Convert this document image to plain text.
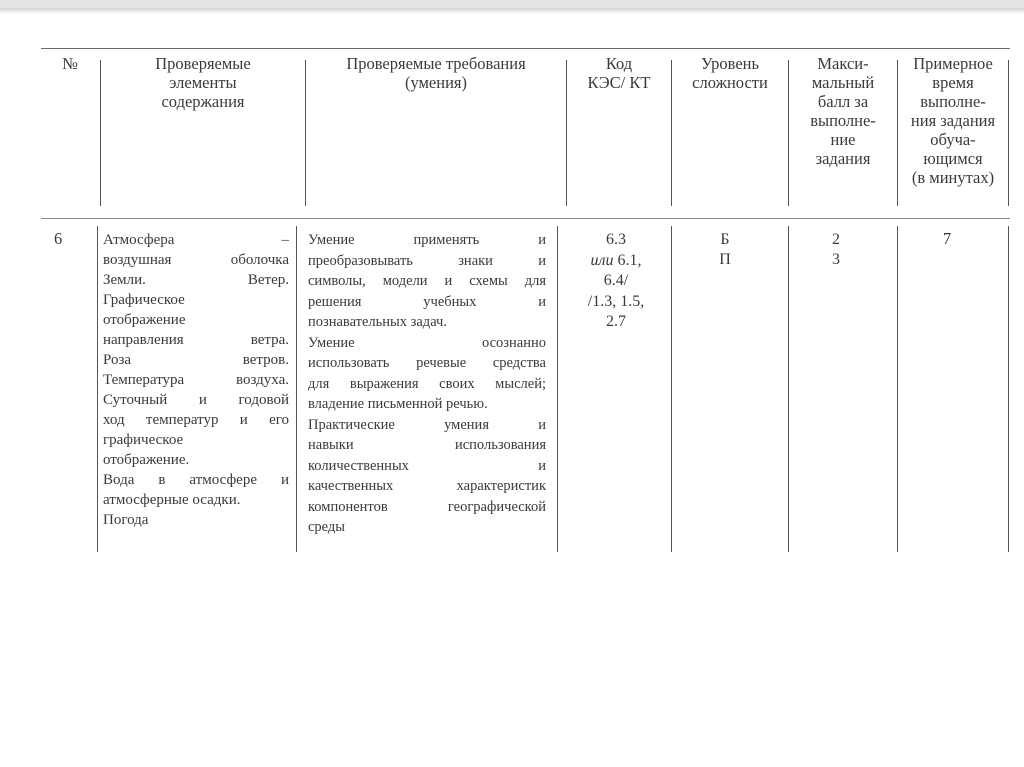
№	Проверяемые
элементы
содержания
Проверяемые требования
(умения)
Код
КЭС/ КТ
Уровень
сложности
Макси-
мальный
балл за
выполне-
ние
задания
Примерное
время
выполне-
ния задания
обуча-
ющимся
(в минутах)
6	Атмосфера –
воздушная оболочка
Земли. Ветер.
Графическое
отображение
направления ветра.
Роза ветров.
Температура воздуха.
Суточный и годовой
ход температур и его
графическое
отображение.
Вода в атмосфере и
атмосферные осадки.
Погода
Умение применять и
преобразовывать знаки и
символы, модели и схемы для
решения учебных и
познавательных задач.
Умение осознанно
использовать речевые средства
для выражения своих мыслей;
владение письменной речью.
Практические умения и
навыки использования
количественных и
качественных характеристик
компонентов географической
среды
6.3
или 6.1,
6.4/
/1.3, 1.5,
2.7
Б
П
2
3
7
